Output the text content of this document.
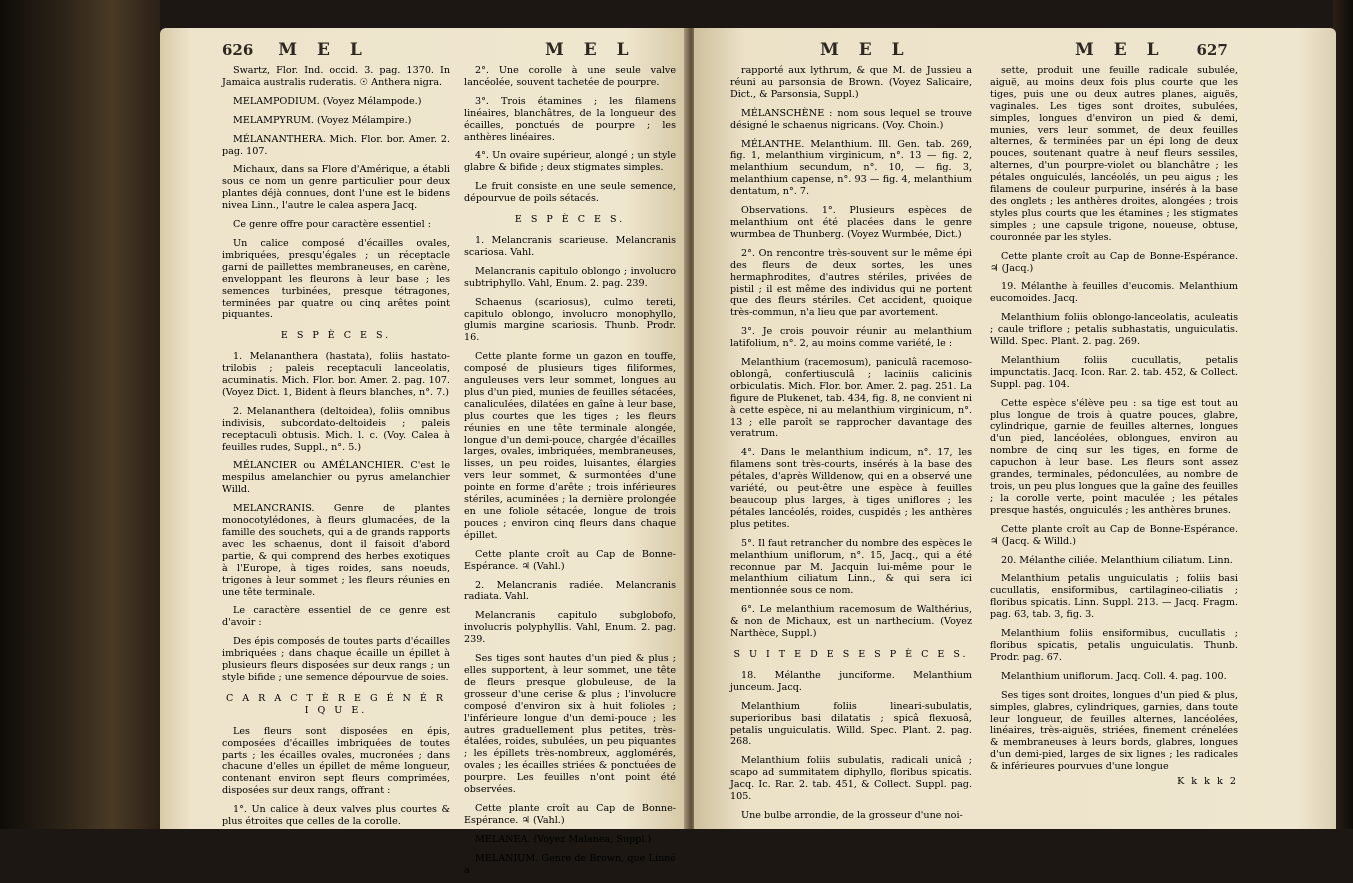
626 M E L	M E L	M E L	M E L 627

Swartz, Flor. Ind. occid. 3. pag. 1370. In Jamaica australis ruderatis. ☉ Anthera nigra.

MELAMPODIUM. (Voyez Mélampode.)

MELAMPYRUM. (Voyez Mélampire.)

MÉLANANTHERA. Mich. Flor. bor. Amer. 2. pag. 107.

Michaux, dans sa Flore d'Amérique, a établi sous ce nom un genre particulier pour deux plantes déjà connues, dont l'une est le bidens nivea Linn., l'autre le calea aspera Jacq.

Ce genre offre pour caractère essentiel :

Un calice composé d'écailles ovales, imbriquées, presqu'égales ; un réceptacle garni de paillettes membraneuses, en carène, enveloppant les fleurons à leur base ; les semences turbinées, presque tétragones, terminées par quatre ou cinq arêtes point piquantes.

E S P È C E S.

1. Melananthera (hastata), foliis hastato-trilobis ; paleis receptaculi lanceolatis, acuminatis. Mich. Flor. bor. Amer. 2. pag. 107. (Voyez Dict. 1, Bident à fleurs blanches, n°. 7.)

2. Melananthera (deltoidea), foliis omnibus indivisis, subcordato-deltoideis ; paleis receptaculi obtusis. Mich. l. c. (Voy. Calea à feuilles rudes, Suppl., n°. 5.)

MÉLANCIER ou AMÉLANCHIER. C'est le mespilus amelanchier ou pyrus amelanchier Willd.

MELANCRANIS. Genre de plantes monocotylédones, à fleurs glumacées, de la famille des souchets, qui a de grands rapports avec les schaenus, dont il faisoit d'abord partie, & qui comprend des herbes exotiques à l'Europe, à tiges roides, sans noeuds, trigones à leur sommet ; les fleurs réunies en une tête terminale.

Le caractère essentiel de ce genre est d'avoir :

Des épis composés de toutes parts d'écailles imbriquées ; dans chaque écaille un épillet à plusieurs fleurs disposées sur deux rangs ; un style bifide ; une semence dépourvue de soies.

C A R A C T È R E G É N É R I Q U E.

Les fleurs sont disposées en épis, composées d'écailles imbriquées de toutes parts ; les écailles ovales, mucronées ; dans chacune d'elles un épillet de même longueur, contenant environ sept fleurs comprimées, disposées sur deux rangs, offrant :

1°. Un calice à deux valves plus courtes & plus étroites que celles de la corolle.

2°. Une corolle à une seule valve lancéolée, souvent tachetée de pourpre.

3°. Trois étamines ; les filamens linéaires, blanchâtres, de la longueur des écailles, ponctués de pourpre ; les anthères linéaires.

4°. Un ovaire supérieur, alongé ; un style glabre & bifide ; deux stigmates simples.

Le fruit consiste en une seule semence, dépourvue de poils sétacés.

E S P È C E S.

1. Melancranis scarieuse. Melancranis scariosa. Vahl.

Melancranis capitulo oblongo ; involucro subtriphyllo. Vahl, Enum. 2. pag. 239.

Schaenus (scariosus), culmo tereti, capitulo oblongo, involucro monophyllo, glumis margine scariosis. Thunb. Prodr. 16.

Cette plante forme un gazon en touffe, composé de plusieurs tiges filiformes, anguleuses vers leur sommet, longues au plus d'un pied, munies de feuilles sétacées, canaliculées, dilatées en gaîne à leur base, plus courtes que les tiges ; les fleurs réunies en une tête terminale alongée, longue d'un demi-pouce, chargée d'écailles larges, ovales, imbriquées, membraneuses, lisses, un peu roides, luisantes, élargies vers leur sommet, & surmontées d'une pointe en forme d'arête ; trois inférieures stériles, acuminées ; la dernière prolongée en une foliole sétacée, longue de trois pouces ; environ cinq fleurs dans chaque épillet.

Cette plante croît au Cap de Bonne-Espérance. ♃ (Vahl.)

2. Melancranis radiée. Melancranis radiata. Vahl.

Melancranis capitulo subglobofo, involucris polyphyllis. Vahl, Enum. 2. pag. 239.

Ses tiges sont hautes d'un pied & plus ; elles supportent, à leur sommet, une tête de fleurs presque globuleuse, de la grosseur d'une cerise & plus ; l'involucre composé d'environ six à huit folioles ; l'inférieure longue d'un demi-pouce ; les autres graduellement plus petites, très-étalées, roides, subulées, un peu piquantes ; les épillets très-nombreux, agglomérés, ovales ; les écailles striées & ponctuées de pourpre. Les feuilles n'ont point été observées.

Cette plante croît au Cap de Bonne-Espérance. ♃ (Vahl.)

MELANEA. (Voyez Malanea, Suppl.)

MELANIUM. Genre de Brown, que Linné a

rapporté aux lythrum, & que M. de Jussieu a réuni au parsonsia de Brown. (Voyez Salicaire, Dict., & Parsonsia, Suppl.)

MÉLANSCHÈNE : nom sous lequel se trouve désigné le schaenus nigricans. (Voy. Choin.)

MÉLANTHE. Melanthium. Ill. Gen. tab. 269, fig. 1, melanthium virginicum, n°. 13 — fig. 2, melanthium secundum, n°. 10, — fig. 3, melanthium capense, n°. 93 — fig. 4, melanthium dentatum, n°. 7.

Observations. 1°. Plusieurs espèces de melanthium ont été placées dans le genre wurmbea de Thunberg. (Voyez Wurmbée, Dict.)

2°. On rencontre très-souvent sur le même épi des fleurs de deux sortes, les unes hermaphrodites, d'autres stériles, privées de pistil ; il est même des individus qui ne portent que des fleurs stériles. Cet accident, quoique très-commun, n'a lieu que par avortement.

3°. Je crois pouvoir réunir au melanthium latifolium, n°. 2, au moins comme variété, le :

Melanthium (racemosum), paniculâ racemoso-oblongâ, confertiusculâ ; laciniis calicinis orbiculatis. Mich. Flor. bor. Amer. 2. pag. 251. La figure de Plukenet, tab. 434, fig. 8, ne convient ni à cette espèce, ni au melanthium virginicum, n°. 13 ; elle paroît se rapprocher davantage des veratrum.

4°. Dans le melanthium indicum, n°. 17, les filamens sont très-courts, insérés à la base des pétales, d'après Willdenow, qui en a observé une variété, ou peut-être une espèce à feuilles beaucoup plus larges, à tiges uniflores ; les pétales lancéolés, roides, cuspidés ; les anthères plus petites.

5°. Il faut retrancher du nombre des espèces le melanthium uniflorum, n°. 15, Jacq., qui a été reconnue par M. Jacquin lui-même pour le melanthium ciliatum Linn., & qui sera ici mentionnée sous ce nom.

6°. Le melanthium racemosum de Walthérius, & non de Michaux, est un narthecium. (Voyez Narthèce, Suppl.)

S U I T E D E S E S P È C E S.

18. Mélanthe junciforme. Melanthium junceum. Jacq.

Melanthium foliis lineari-subulatis, superioribus basi dilatatis ; spicâ flexuosâ, petalis unguiculatis. Willd. Spec. Plant. 2. pag. 268.

Melanthium foliis subulatis, radicali unicâ ; scapo ad summitatem diphyllo, floribus spicatis. Jacq. Ic. Rar. 2. tab. 451, & Collect. Suppl. pag. 105.

Une bulbe arrondie, de la grosseur d'une noi-

sette, produit une feuille radicale subulée, aiguë, au moins deux fois plus courte que les tiges, puis une ou deux autres planes, aiguës, vaginales. Les tiges sont droites, subulées, simples, longues d'environ un pied & demi, munies, vers leur sommet, de deux feuilles alternes, & terminées par un épi long de deux pouces, soutenant quatre à neuf fleurs sessiles, alternes, d'un pourpre-violet ou blanchâtre ; les pétales onguiculés, lancéolés, un peu aigus ; les filamens de couleur purpurine, insérés à la base des onglets ; les anthères droites, alongées ; trois styles plus courts que les étamines ; les stigmates simples ; une capsule trigone, noueuse, obtuse, couronnée par les styles.

Cette plante croît au Cap de Bonne-Espérance. ♃ (Jacq.)

19. Mélanthe à feuilles d'eucomis. Melanthium eucomoides. Jacq.

Melanthium foliis oblongo-lanceolatis, aculeatis ; caule triflore ; petalis subhastatis, unguiculatis. Willd. Spec. Plant. 2. pag. 269.

Melanthium foliis cucullatis, petalis impunctatis. Jacq. Icon. Rar. 2. tab. 452, & Collect. Suppl. pag. 104.

Cette espèce s'élève peu : sa tige est tout au plus longue de trois à quatre pouces, glabre, cylindrique, garnie de feuilles alternes, longues d'un pied, lancéolées, oblongues, environ au nombre de cinq sur les tiges, en forme de capuchon à leur base. Les fleurs sont assez grandes, terminales, pédonculées, au nombre de trois, un peu plus longues que la gaîne des feuilles ; la corolle verte, point maculée ; les pétales presque hastés, onguiculés ; les anthères brunes.

Cette plante croît au Cap de Bonne-Espérance. ♃ (Jacq. & Willd.)

20. Mélanthe ciliée. Melanthium ciliatum. Linn.

Melanthium petalis unguiculatis ; foliis basi cucullatis, ensiformibus, cartilagineo-ciliatis ; floribus spicatis. Linn. Suppl. 213. — Jacq. Fragm. pag. 63, tab. 3, fig. 3.

Melanthium foliis ensiformibus, cucullatis ; floribus spicatis, petalis unguiculatis. Thunb. Prodr. pag. 67.

Melanthium uniflorum. Jacq. Coll. 4. pag. 100.

Ses tiges sont droites, longues d'un pied & plus, simples, glabres, cylindriques, garnies, dans toute leur longueur, de feuilles alternes, lancéolées, linéaires, très-aiguës, striées, finement crénelées & membraneuses à leurs bords, glabres, longues d'un demi-pied, larges de six lignes ; les radicales & inférieures pourvues d'une longue

K k k k 2
